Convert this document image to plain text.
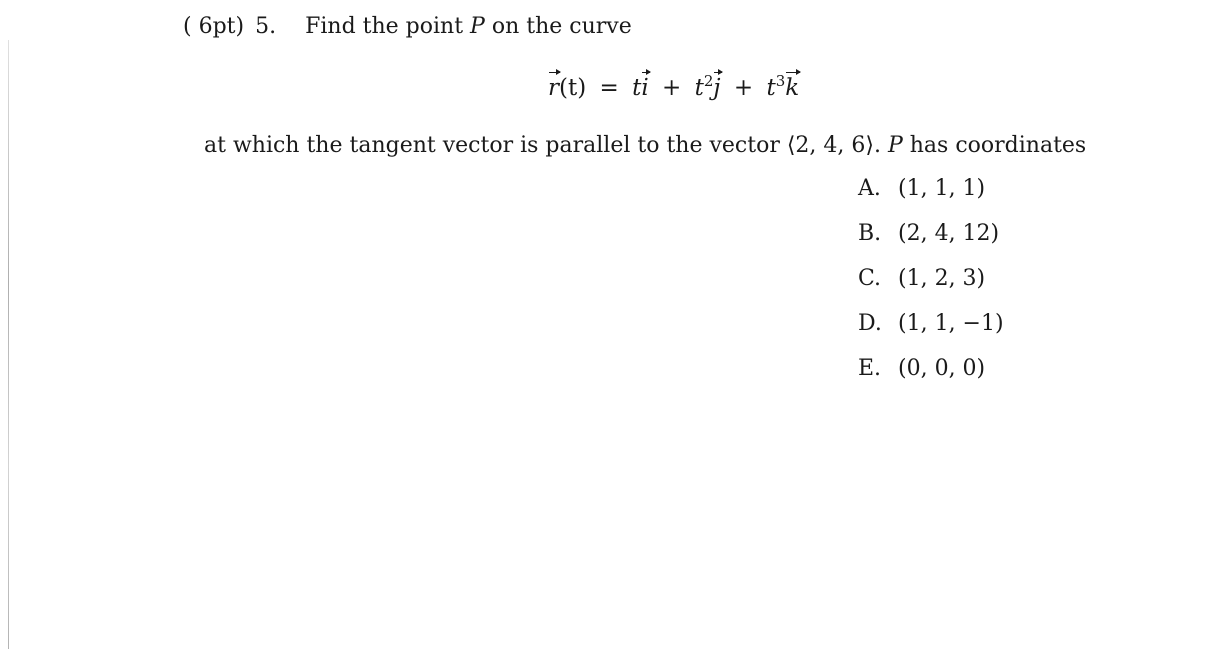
( 6pt) 5. Find the point P on the curve
r(t) = ti + $t^2j + t^3k$
at which the tangent vector is parallel to the vector ⟨2, 4, 6⟩. P has coordinates
A. (1, 1, 1)
B. (2, 4, 12)
C. (1, 2, 3)
D. (1, 1, −1)
E. (0, 0, 0)
